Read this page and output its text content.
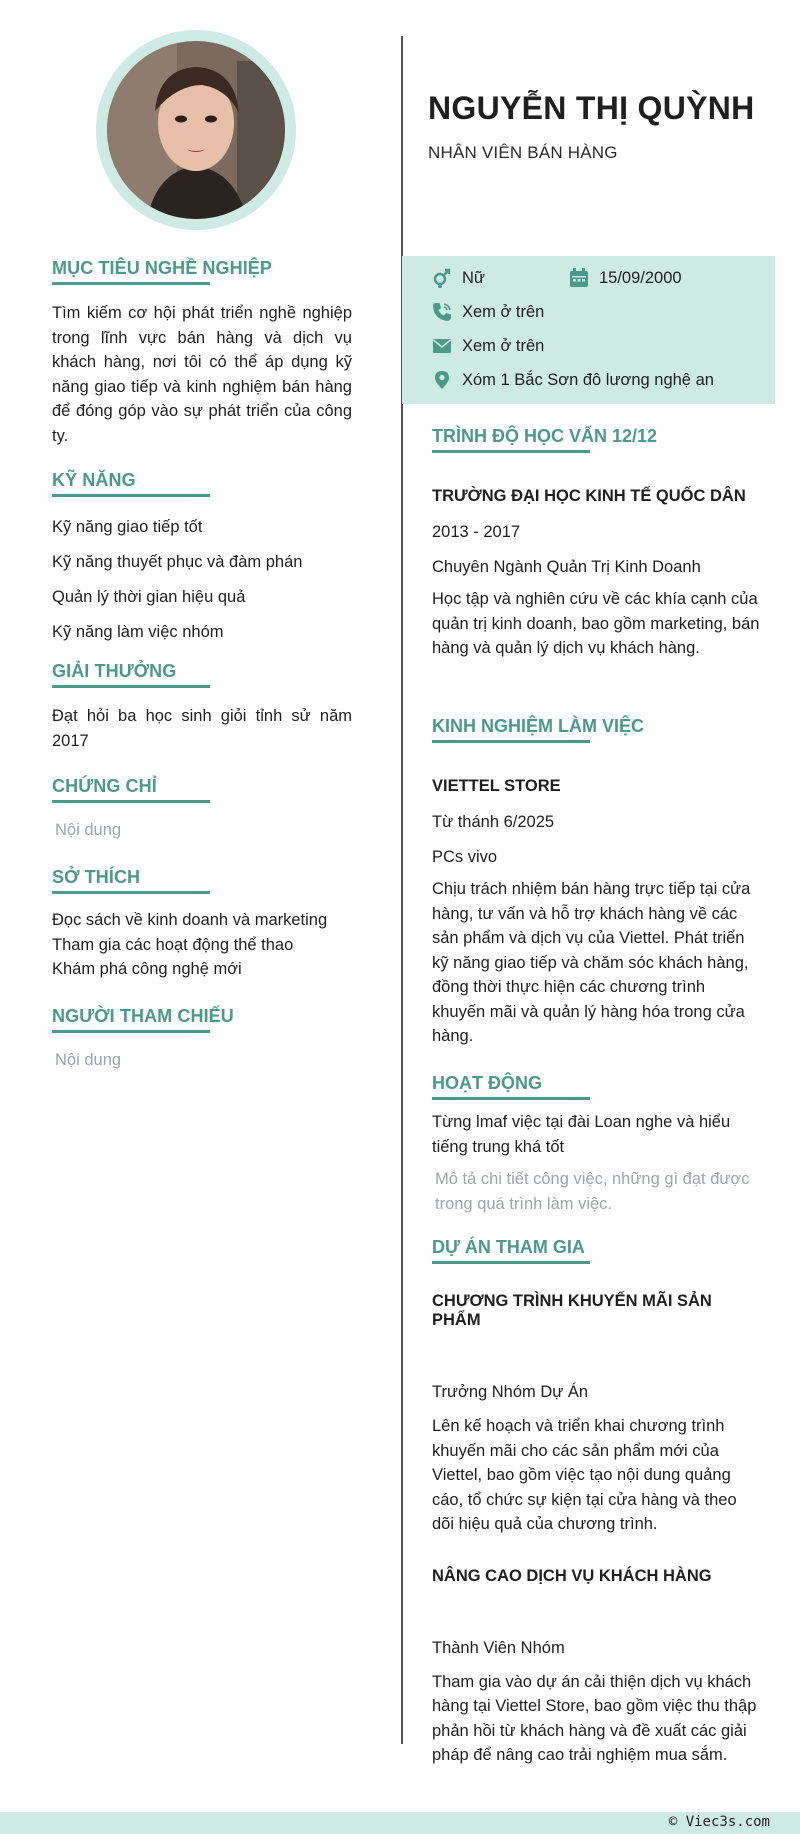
MỤC TIÊU NGHỀ NGHIỆP

Tìm kiếm cơ hội phát triển nghề nghiệp trong lĩnh vực bán hàng và dịch vụ khách hàng, nơi tôi có thể áp dụng kỹ năng giao tiếp và kinh nghiệm bán hàng để đóng góp vào sự phát triển của công ty.

KỸ NĂNG

Kỹ năng giao tiếp tốt

Kỹ năng thuyết phục và đàm phán

Quản lý thời gian hiệu quả

Kỹ năng làm việc nhóm

GIẢI THƯỞNG

Đạt hỏi ba học sinh giỏi tỉnh sử năm 2017

CHỨNG CHỈ

Nội dung

SỞ THÍCH

Đọc sách về kinh doanh và marketing

Tham gia các hoạt động thể thao

Khám phá công nghệ mới

NGƯỜI THAM CHIẾU

Nội dung

NGUYỄN THỊ QUỲNH
NHÂN VIÊN BÁN HÀNG
Nữ	15/09/2000
Xem ở trên
Xem ở trên
Xóm 1 Bắc Sơn đô lương nghệ an
TRÌNH ĐỘ HỌC VẤN 12/12

TRƯỜNG ĐẠI HỌC KINH TẾ QUỐC DÂN

2013 - 2017

Chuyên Ngành Quản Trị Kinh Doanh

Học tập và nghiên cứu về các khía cạnh của quản trị kinh doanh, bao gồm marketing, bán hàng và quản lý dịch vụ khách hàng.

KINH NGHIỆM LÀM VIỆC

VIETTEL STORE

Từ thánh 6/2025

PCs vivo

Chịu trách nhiệm bán hàng trực tiếp tại cửa hàng, tư vấn và hỗ trợ khách hàng về các sản phẩm và dịch vụ của Viettel. Phát triển kỹ năng giao tiếp và chăm sóc khách hàng, đồng thời thực hiện các chương trình khuyến mãi và quản lý hàng hóa trong cửa hàng.

HOẠT ĐỘNG

Từng lmaf việc tại đài Loan nghe và hiểu tiếng trung khá tốt

Mô tả chi tiết công việc, những gì đạt được trong quá trình làm việc.

DỰ ÁN THAM GIA

CHƯƠNG TRÌNH KHUYẾN MÃI SẢN PHẨM

Trưởng Nhóm Dự Án

Lên kế hoạch và triển khai chương trình khuyến mãi cho các sản phẩm mới của Viettel, bao gồm việc tạo nội dung quảng cáo, tổ chức sự kiện tại cửa hàng và theo dõi hiệu quả của chương trình.

NÂNG CAO DỊCH VỤ KHÁCH HÀNG

Thành Viên Nhóm

Tham gia vào dự án cải thiện dịch vụ khách hàng tại Viettel Store, bao gồm việc thu thập phản hồi từ khách hàng và đề xuất các giải pháp để nâng cao trải nghiệm mua sắm.

© Viec3s.com
